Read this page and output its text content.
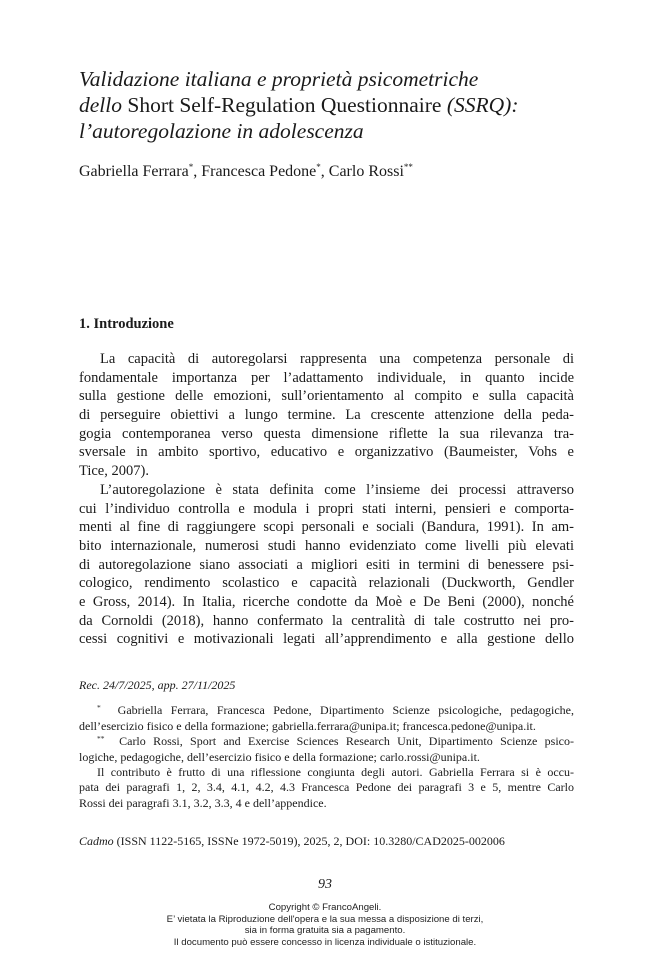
Validazione italiana e proprietà psicometriche
dello Short Self-Regulation Questionnaire (SSRQ):
l’autoregolazione in adolescenza

Gabriella Ferrara*, Francesca Pedone*, Carlo Rossi**

1. Introduzione
La capacità di autoregolarsi rappresenta una competenza personale di
fondamentale importanza per l’adattamento individuale, in quanto incide
sulla gestione delle emozioni, sull’orientamento al compito e sulla capacità
di perseguire obiettivi a lungo termine. La crescente attenzione della peda-
gogia contemporanea verso questa dimensione riflette la sua rilevanza tra-
sversale in ambito sportivo, educativo e organizzativo (Baumeister, Vohs e
Tice, 2007).
L’autoregolazione è stata definita come l’insieme dei processi attraverso
cui l’individuo controlla e modula i propri stati interni, pensieri e comporta-
menti al fine di raggiungere scopi personali e sociali (Bandura, 1991). In am-
bito internazionale, numerosi studi hanno evidenziato come livelli più elevati
di autoregolazione siano associati a migliori esiti in termini di benessere psi-
cologico, rendimento scolastico e capacità relazionali (Duckworth, Gendler
e Gross, 2014). In Italia, ricerche condotte da Moè e De Beni (2000), nonché
da Cornoldi (2018), hanno confermato la centralità di tale costrutto nei pro-
cessi cognitivi e motivazionali legati all’apprendimento e alla gestione dello
Rec. 24/7/2025, app. 27/11/2025
* Gabriella Ferrara, Francesca Pedone, Dipartimento Scienze psicologiche, pedagogiche,
dell’esercizio fisico e della formazione; gabriella.ferrara@unipa.it; francesca.pedone@unipa.it.
** Carlo Rossi, Sport and Exercise Sciences Research Unit, Dipartimento Scienze psico-
logiche, pedagogiche, dell’esercizio fisico e della formazione; carlo.rossi@unipa.it.
Il contributo è frutto di una riflessione congiunta degli autori. Gabriella Ferrara si è occu-
pata dei paragrafi 1, 2, 3.4, 4.1, 4.2, 4.3 Francesca Pedone dei paragrafi 3 e 5, mentre Carlo
Rossi dei paragrafi 3.1, 3.2, 3.3, 4 e dell’appendice.
Cadmo (ISSN 1122-5165, ISSNe 1972-5019), 2025, 2, DOI: 10.3280/CAD2025-002006
93
Copyright © FrancoAngeli.
E’ vietata la Riproduzione dell'opera e la sua messa a disposizione di terzi,
sia in forma gratuita sia a pagamento.
Il documento può essere concesso in licenza individuale o istituzionale.
